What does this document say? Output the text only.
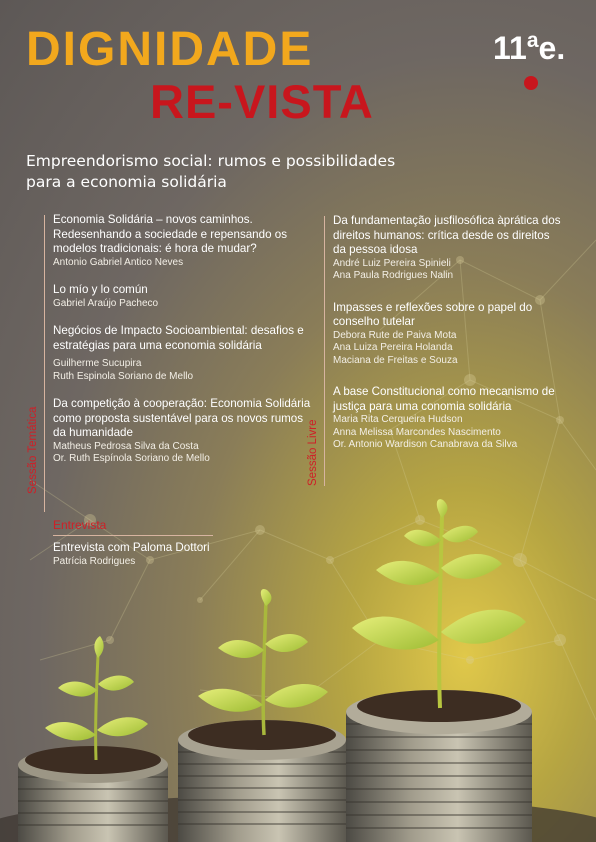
DIGNIDADE
RE-VISTA
11$^a$e.
Empreendorismo social: rumos e possibilidades para a economia solidária
Sessão Temática	Sessão Livre
Economia Solidária – novos caminhos. Redesenhando a sociedade e repensando os modelos tradicionais: é hora de mudar?
Antonio Gabriel Antico Neves
Lo mío y lo común
Gabriel Araújo Pacheco
Negócios de Impacto Socioambiental: desafios e estratégias para uma economia solidária
Guilherme Sucupira
Ruth Espinola Soriano de Mello
Da competição à cooperação: Economia Solidária como proposta sustentável para os novos rumos da humanidade
Matheus Pedrosa Silva da Costa
Or. Ruth Espínola Soriano de Mello
Da fundamentação jusfilosófica àprática dos direitos humanos: crítica desde os direitos da pessoa idosa
André Luiz Pereira Spinieli
Ana Paula Rodrigues Nalin
Impasses e reflexões sobre o papel do conselho tutelar
Debora Rute de Paiva Mota
Ana Luiza Pereira Holanda
Maciana de Freitas e Souza
A base Constitucional como mecanismo de justiça para uma conomia solidária
Maria Rita Cerqueira Hudson
Anna Melissa Marcondes Nascimento
Or. Antonio Wardison Canabrava da Silva
Entrevista
Entrevista com Paloma Dottori
Patrícia Rodrigues
